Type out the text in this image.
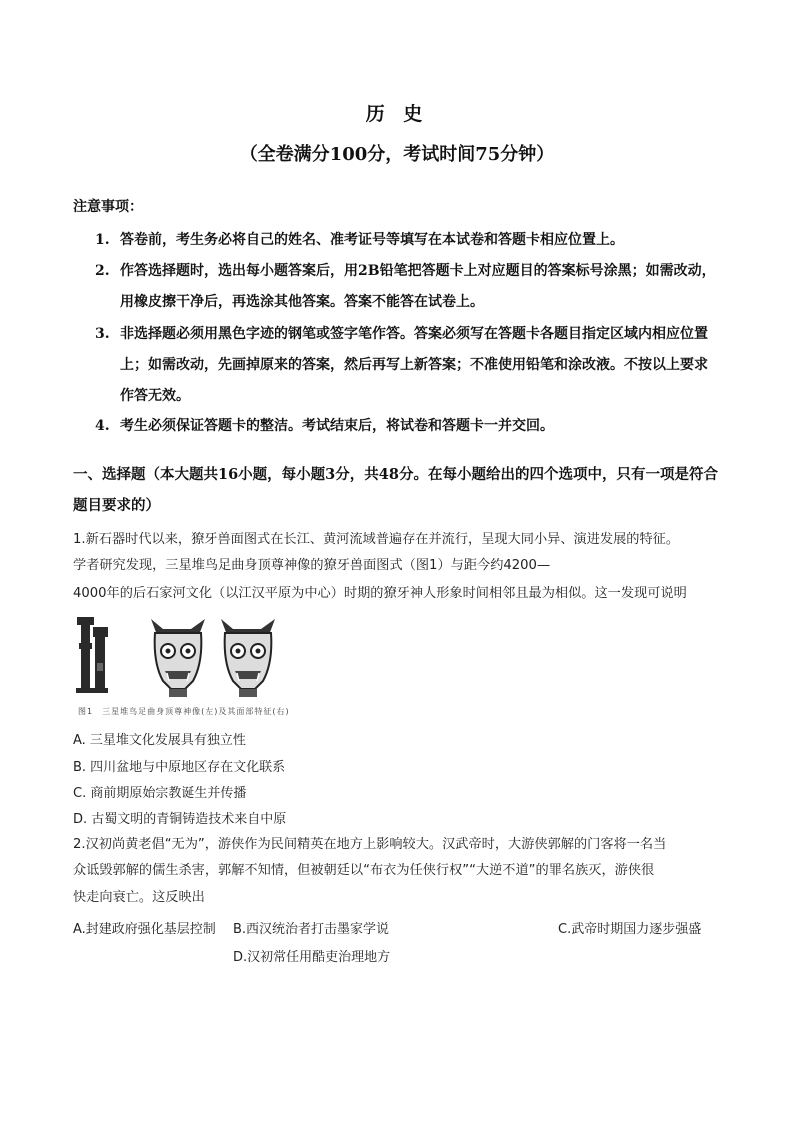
历 史
（全卷满分100分，考试时间75分钟）
注意事项：
1. 答卷前，考生务必将自己的姓名、准考证号等填写在本试卷和答题卡相应位置上。
2. 作答选择题时，选出每小题答案后，用2B铅笔把答题卡上对应题目的答案标号涂黑；如需改动，用橡皮擦干净后，再选涂其他答案。答案不能答在试卷上。
3. 非选择题必须用黑色字迹的钢笔或签字笔作答。答案必须写在答题卡各题目指定区域内相应位置上；如需改动，先画掉原来的答案，然后再写上新答案；不准使用铅笔和涂改液。不按以上要求作答无效。
4. 考生必须保证答题卡的整洁。考试结束后，将试卷和答题卡一并交回。
一、选择题（本大题共16小题，每小题3分，共48分。在每小题给出的四个选项中，只有一项是符合题目要求的）
1.新石器时代以来，獠牙兽面图式在长江、黄河流域普遍存在并流行，呈现大同小异、演进发展的特征。
学者研究发现，三星堆鸟足曲身顶尊神像的獠牙兽面图式（图1）与距今约4200—
4000年的后石家河文化（以江汉平原为中心）时期的獠牙神人形象时间相邻且最为相似。这一发现可说明
图1　三星堆鸟足曲身顶尊神像(左)及其面部特征(右)
A. 三星堆文化发展具有独立性
B. 四川盆地与中原地区存在文化联系
C. 商前期原始宗教诞生并传播
D. 古蜀文明的青铜铸造技术来自中原
2.汉初尚黄老倡“无为”，游侠作为民间精英在地方上影响较大。汉武帝时，大游侠郭解的门客将一名当
众诋毁郭解的儒生杀害，郭解不知情，但被朝廷以“布衣为任侠行权”“大逆不道”的罪名族灭，游侠很
快走向衰亡。这反映出
A.封建政府强化基层控制 B.西汉统治者打击墨家学说	C.武帝时期国力逐步强盛
D.汉初常任用酷吏治理地方
